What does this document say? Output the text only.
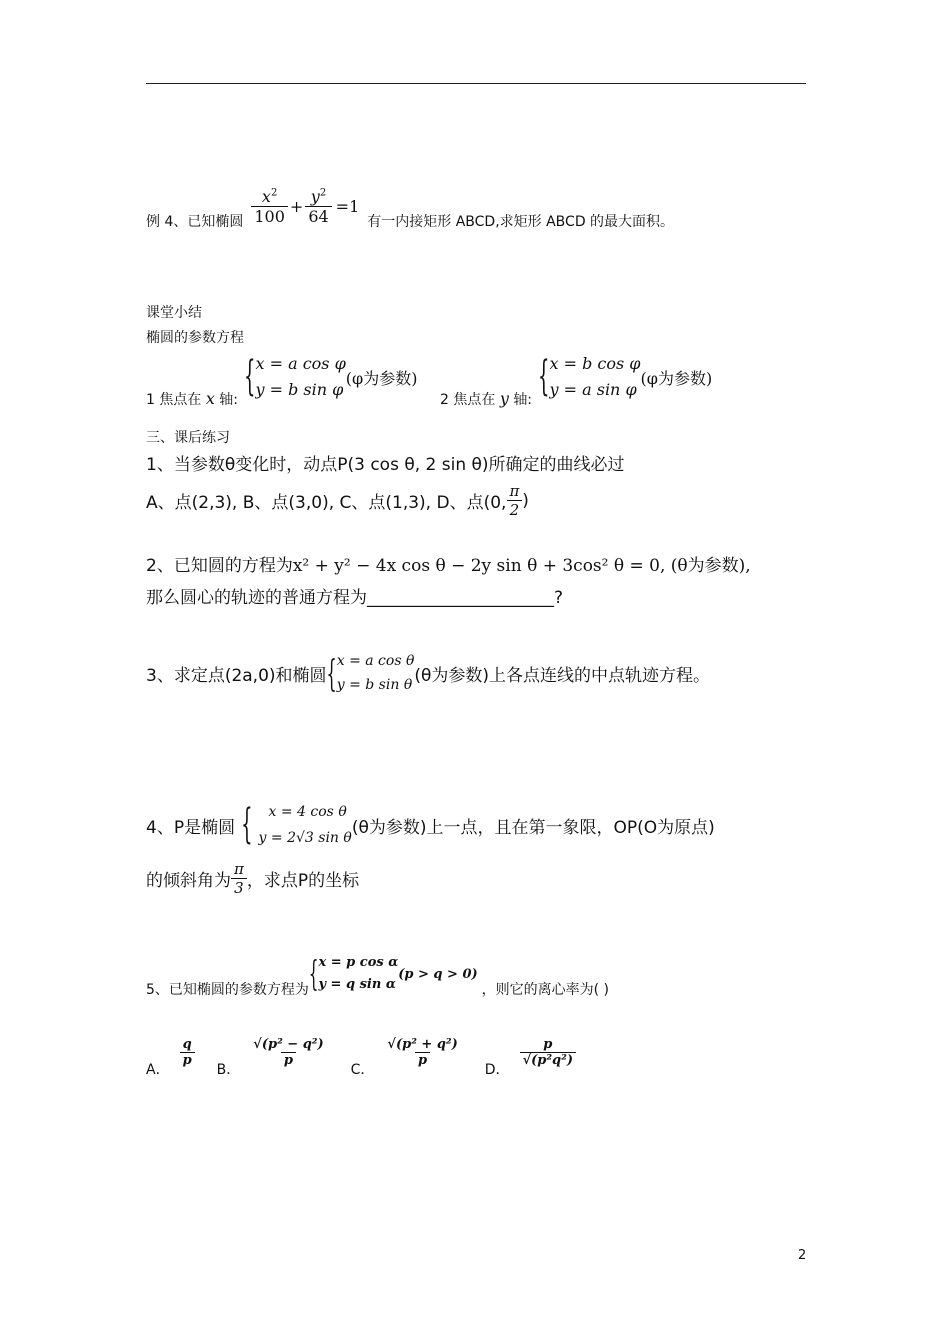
例 4、已知椭圆 $\frac{x^2}{100} + \frac{y^2}{64} =1$
有一内接矩形 ABCD,求矩形 ABCD 的最大面积。
课堂小结
椭圆的参数方程
1 焦点在 x 轴: { x = a cos φ
y = b sin φ
(φ为参数)
2 焦点在 y 轴: { x = b cos φ
y = a sin φ
(φ为参数)
三、课后练习
1、当参数θ变化时，动点P(3 cos θ, 2 sin θ)所确定的曲线必过
A、点(2,3), B、点(3,0), C、点(1,3), D、点(0, $\frac{\pi}{2}$ )
2、已知圆的方程为x² + y² − 4x cos θ − 2y sin θ + 3cos² θ = 0, (θ为参数),
那么圆心的轨迹的普通方程为______________________?
3、求定点(2a,0)和椭圆 { x = a cos θ
y = b sin θ (θ为参数)上各点连线的中点轨迹方程。
4、P是椭圆 {	x = 4 cos θ
y = 2√3 sin θ
(θ为参数)上一点，且在第一象限，OP(O为原点)
的倾斜角为 $\frac{\pi}{3}$ ，求点P的坐标
5、已知椭圆的参数方程为 { x = p cos α
y = q sin α
(p > q > 0)
，则它的离心率为( )
A．
$\frac{q}{p}$
B．
$\frac{\text{√(p² − q²)}}{p}$
C．
$\frac{\text{√(p² + q²)}}{p}$
D．
$\frac{p}{\text{√(p²q²)}}$
2
